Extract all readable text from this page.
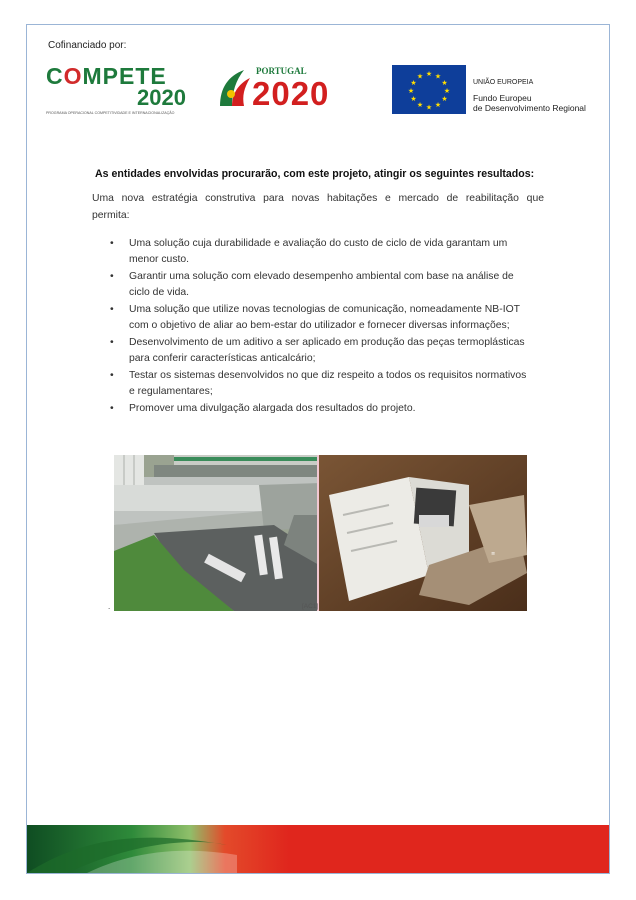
Cofinanciado por:
COMPETE
2020
PROGRAMA OPERACIONAL COMPETITIVIDADE E INTERNACIONALIZAÇÃO
PORTUGAL
2020
★ ★
★
★
★
★
★
★
★
★
★
★
UNIÃO EUROPEIA
Fundo Europeu
de Desenvolvimento Regional
As entidades envolvidas procurarão, com este projeto, atingir os seguintes resultados:
Uma nova estratégia construtiva para novas habitações e mercado de reabilitação que
permita:
• Uma solução cuja durabilidade e avaliação do custo de ciclo de vida garantam um
menor custo.
• Garantir uma solução com elevado desempenho ambiental com base na análise de
ciclo de vida.
• Uma solução que utilize novas tecnologias de comunicação, nomeadamente NB-IOT
com o objetivo de aliar ao bem-estar do utilizador e fornecer diversas informações;
• Desenvolvimento de um aditivo a ser aplicado em produção das peças termoplásticas
para conferir características anticalcário;
• Testar os sistemas desenvolvidos no que diz respeito a todos os requisitos normativos
e regulamentares;
• Promover uma divulgação alargada dos resultados do projeto.
≡
.	[AC1]
